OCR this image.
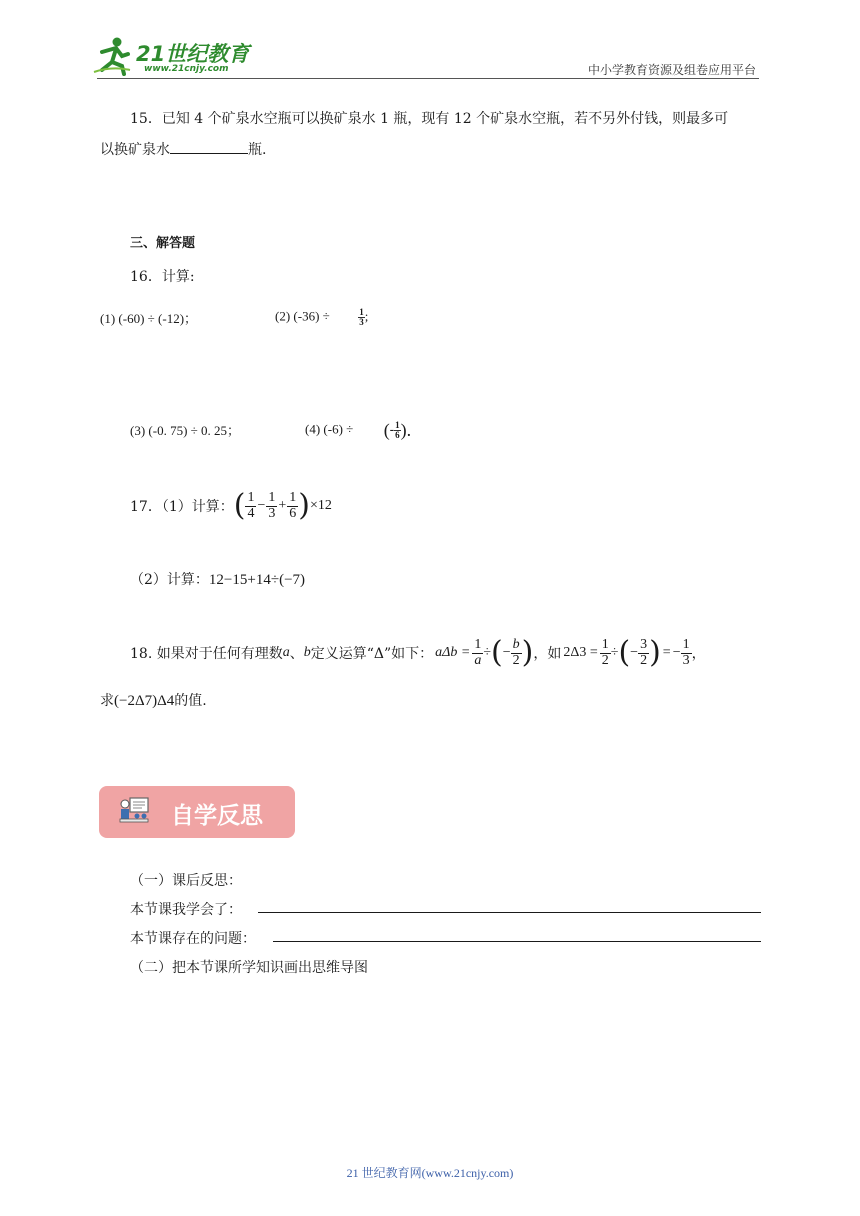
21世纪教育
www.21cnjy.com	中小学教育资源及组卷应用平台
15．已知 4 个矿泉水空瓶可以换矿泉水 1 瓶，现有 12 个矿泉水空瓶，若不另外付钱，则最多可
以换矿泉水	瓶.
三、解答题
16．计算:
(1) (-60) ÷ (-12)；	(2) (-36) ÷	$\frac{1}{3}$ ;
(3) (-0. 75) ÷ 0. 25；	(4) (-6) ÷ (- $\frac{1}{6}$ ).
17．（1）计算： ( $\frac{1}{4} - \frac{1}{3} + \frac{1}{6}$ ) ×12
（2）计算：12−15+14÷(−7)
18. 如果对于任何有理数 a 、 b 定义运算“Δ”如下： $a\Delta b = \frac{1}{a}$ ÷ ( − $\frac{b}{2}$ ) ，如 $2\Delta 3 = \frac{1}{2}$ ÷ ( − $\frac{3}{2}$ ) = − $\frac{1}{3}$ ，
求(−2Δ7)Δ4的值.
自学反思
（一）课后反思：
本节课我学会了：
本节课存在的问题：
（二）把本节课所学知识画出思维导图
21 世纪教育网(www.21cnjy.com)
